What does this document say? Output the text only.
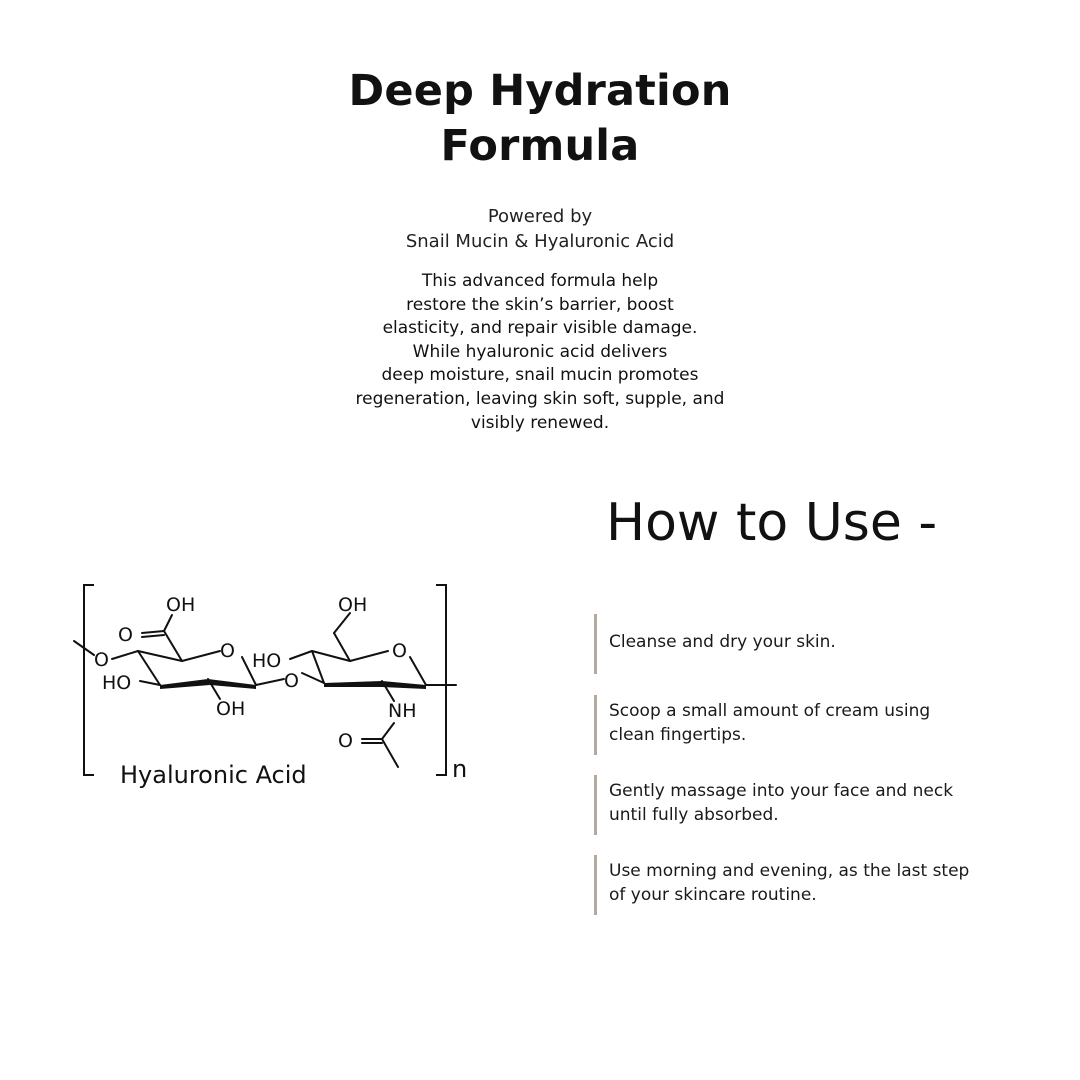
Deep Hydration
Formula
Powered by
Snail Mucin & Hyaluronic Acid
This advanced formula help
restore the skin’s barrier, boost
elasticity, and repair visible damage.
While hyaluronic acid delivers
deep moisture, snail mucin promotes
regeneration, leaving skin soft, supple, and
visibly renewed.
OH	OH
O
O	O HO
O
O
HO
OH	NH
O
n
Hyaluronic Acid
How to Use -
Cleanse and dry your skin.
Scoop a small amount of cream using
clean fingertips.
Gently massage into your face and neck
until fully absorbed.
Use morning and evening, as the last step
of your skincare routine.
